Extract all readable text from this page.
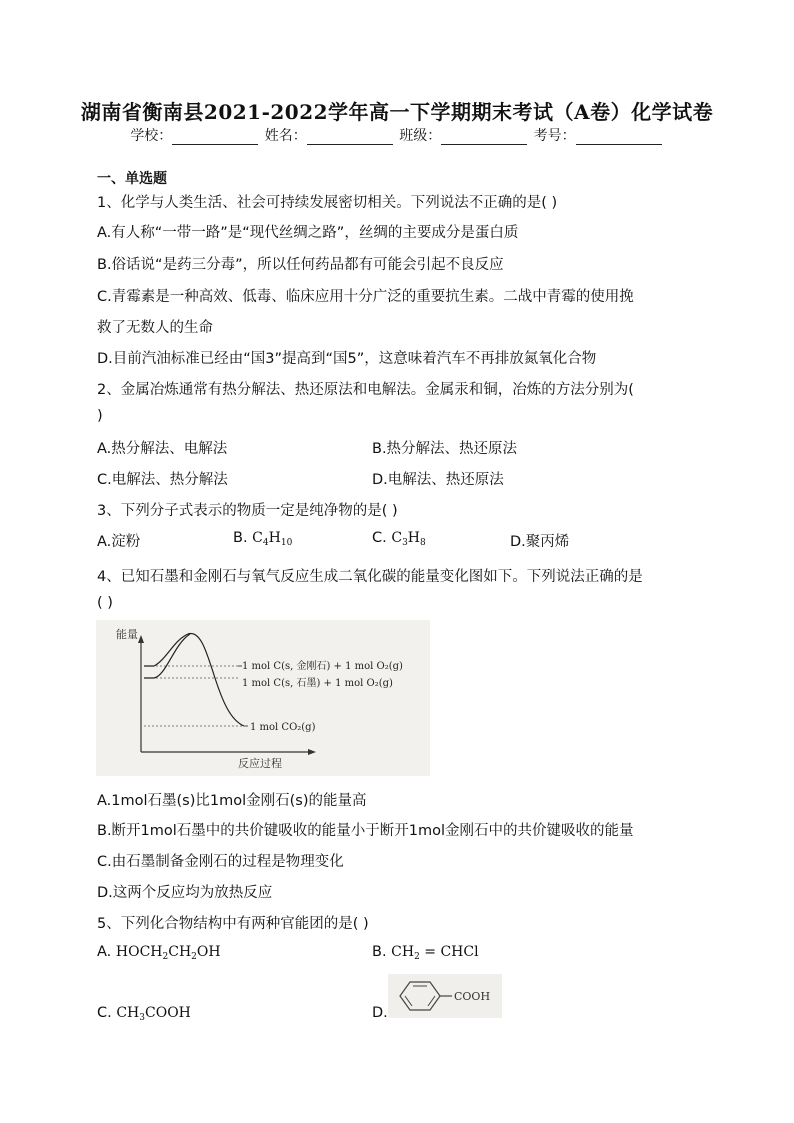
湖南省衡南县2021-2022学年高一下学期期末考试（A卷）化学试卷
学校：	姓名：	班级：	考号：
一、单选题
1、化学与人类生活、社会可持续发展密切相关。下列说法不正确的是( )
A.有人称“一带一路”是“现代丝绸之路”，丝绸的主要成分是蛋白质
B.俗话说“是药三分毒”，所以任何药品都有可能会引起不良反应
C.青霉素是一种高效、低毒、临床应用十分广泛的重要抗生素。二战中青霉的使用挽
救了无数人的生命
D.目前汽油标准已经由“国3”提高到“国5”，这意味着汽车不再排放氮氧化合物
2、金属冶炼通常有热分解法、热还原法和电解法。金属汞和铜，冶炼的方法分别为(
)
A.热分解法、电解法	B.热分解法、热还原法
C.电解法、热分解法	D.电解法、热还原法
3、下列分子式表示的物质一定是纯净物的是( )
A.淀粉	B. $C_4H_{10}$	C. $C_3H_8$	D.聚丙烯
4、已知石墨和金刚石与氧气反应生成二氧化碳的能量变化图如下。下列说法正确的是
( )
能量
反应过程
1 mol C(s, 金刚石) + 1 mol O₂(g)
1 mol C(s, 石墨) + 1 mol O₂(g)
1 mol CO₂(g)
A.1mol石墨(s)比1mol金刚石(s)的能量高
B.断开1mol石墨中的共价键吸收的能量小于断开1mol金刚石中的共价键吸收的能量
C.由石墨制备金刚石的过程是物理变化
D.这两个反应均为放热反应
5、下列化合物结构中有两种官能团的是( )
A. $HOCH_2CH_2OH$	B. $CH_2$ = CHCl
C. $CH_3COOH$	D.
COOH
